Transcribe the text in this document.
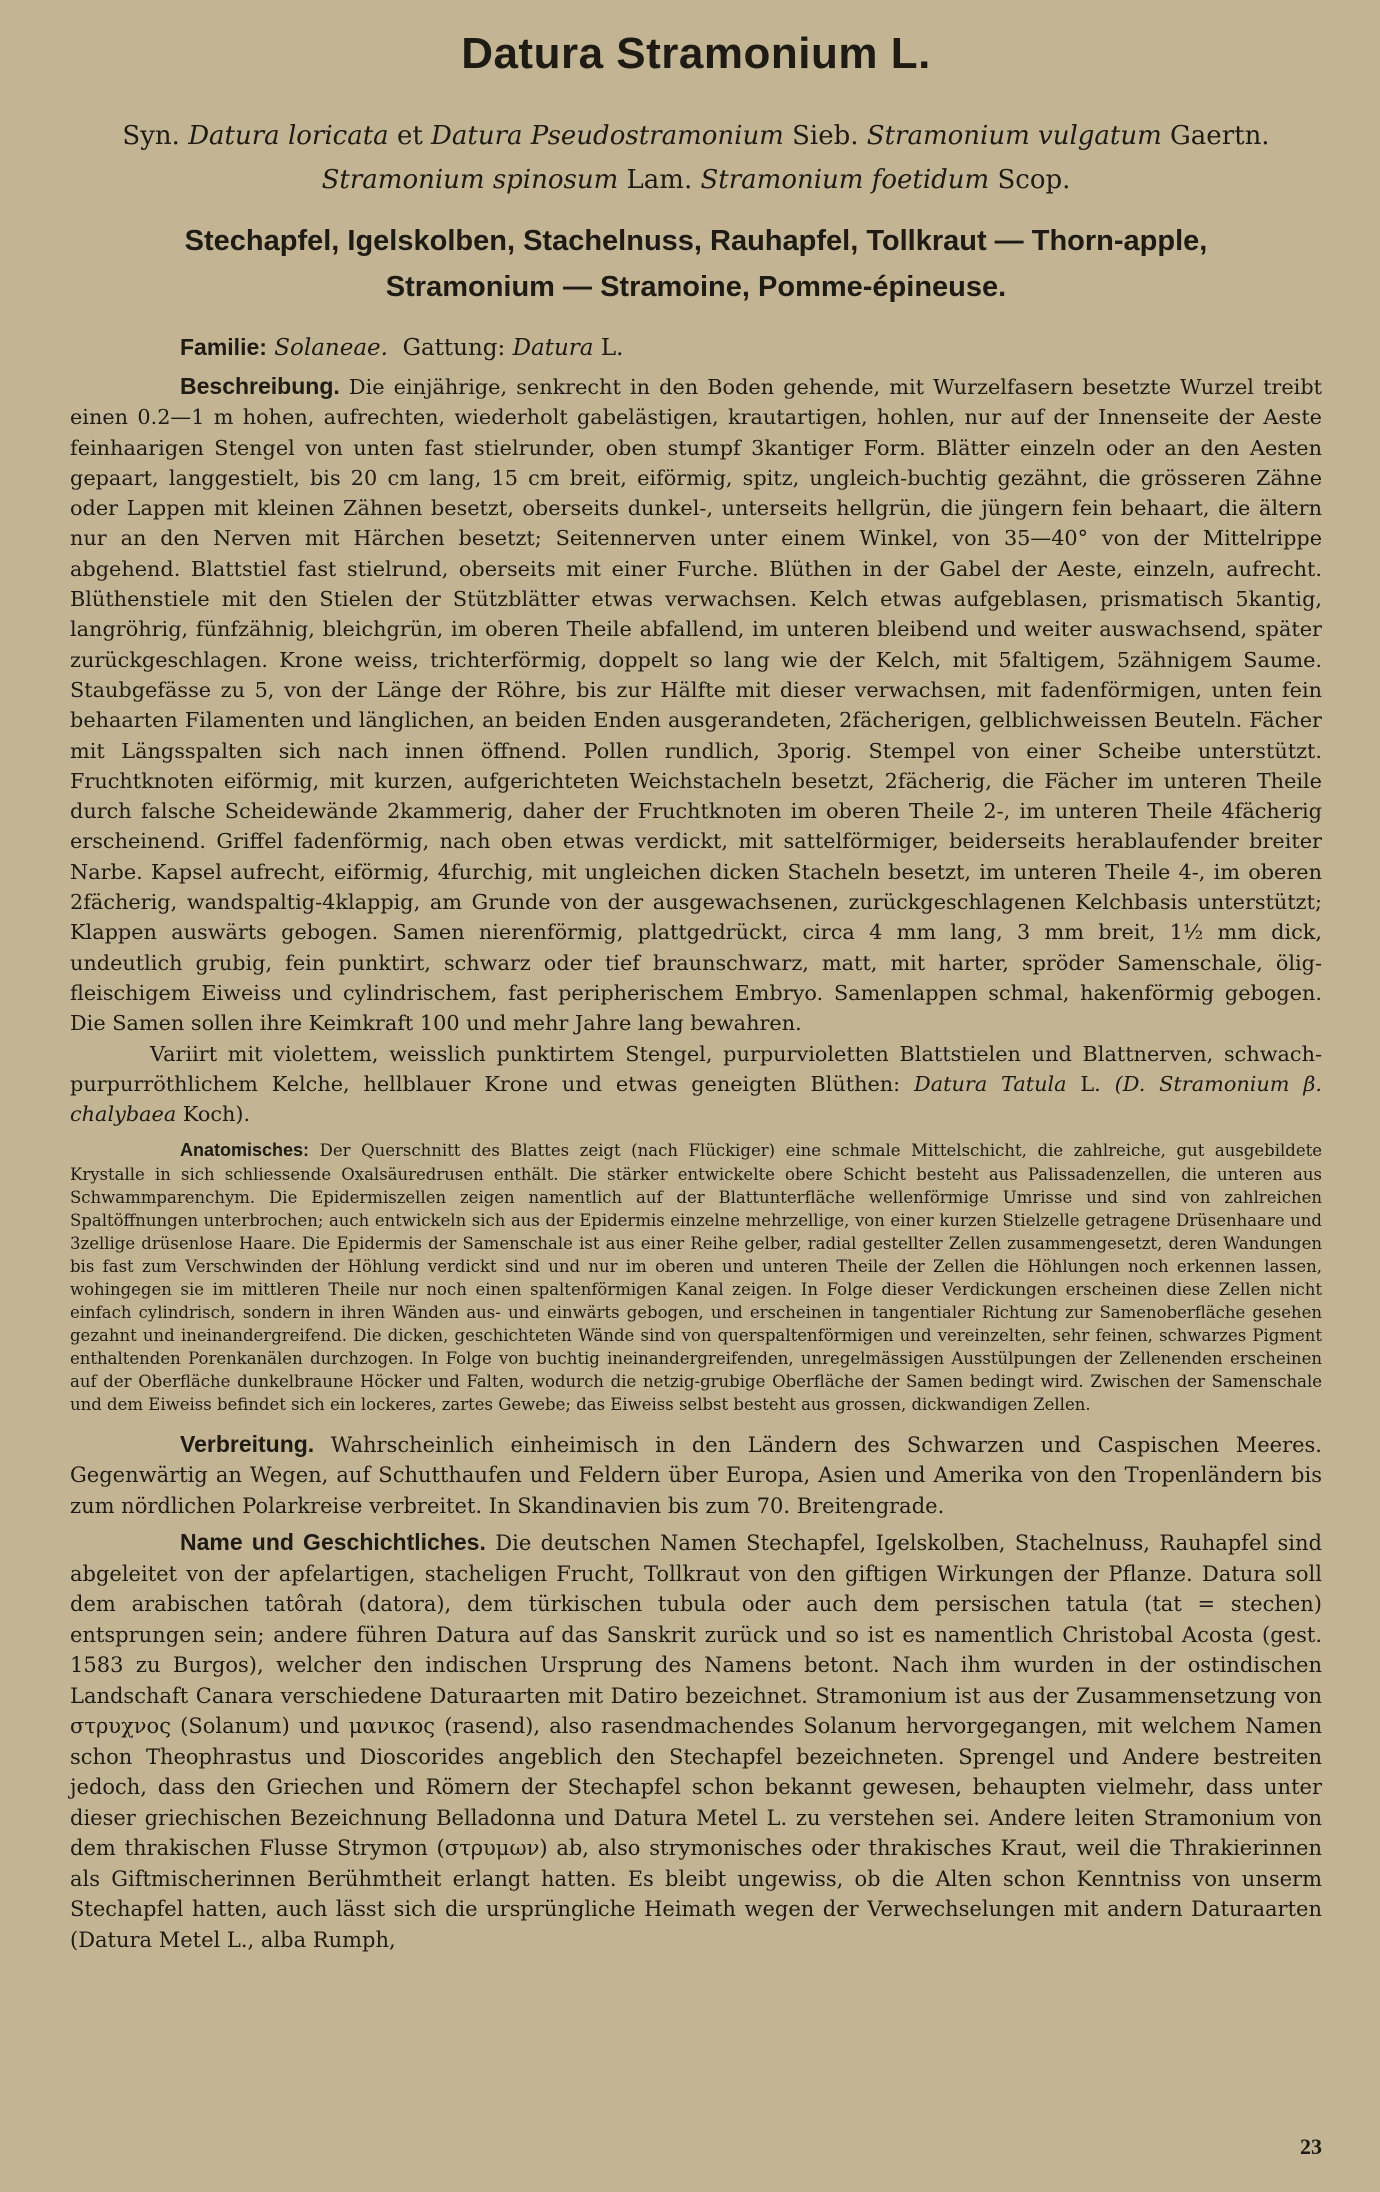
Datura Stramonium L.
Syn. Datura loricata et Datura Pseudostramonium Sieb. Stramonium vulgatum Gaertn.
Stramonium spinosum Lam. Stramonium foetidum Scop.
Stechapfel, Igelskolben, Stachelnuss, Rauhapfel, Tollkraut — Thorn-apple,
Stramonium — Stramoine, Pomme-épineuse.
Familie: Solaneae. Gattung: Datura L.

Beschreibung. Die einjährige, senkrecht in den Boden gehende, mit Wurzelfasern besetzte Wurzel treibt einen 0.2—1 m hohen, aufrechten, wiederholt gabelästigen, krautartigen, hohlen, nur auf der Innenseite der Aeste feinhaarigen Stengel von unten fast stielrunder, oben stumpf 3kantiger Form. Blätter einzeln oder an den Aesten gepaart, langgestielt, bis 20 cm lang, 15 cm breit, eiförmig, spitz, ungleich-buchtig gezähnt, die grösseren Zähne oder Lappen mit kleinen Zähnen besetzt, oberseits dunkel-, unterseits hellgrün, die jüngern fein behaart, die ältern nur an den Nerven mit Härchen besetzt; Seitennerven unter einem Winkel, von 35—40° von der Mittelrippe abgehend. Blattstiel fast stielrund, oberseits mit einer Furche. Blüthen in der Gabel der Aeste, einzeln, aufrecht. Blüthenstiele mit den Stielen der Stützblätter etwas verwachsen. Kelch etwas aufgeblasen, prismatisch 5kantig, langröhrig, fünfzähnig, bleichgrün, im oberen Theile abfallend, im unteren bleibend und weiter auswachsend, später zurückgeschlagen. Krone weiss, trichterförmig, doppelt so lang wie der Kelch, mit 5faltigem, 5zähnigem Saume. Staubgefässe zu 5, von der Länge der Röhre, bis zur Hälfte mit dieser verwachsen, mit fadenförmigen, unten fein behaarten Filamenten und länglichen, an beiden Enden ausgerandeten, 2fächerigen, gelblichweissen Beuteln. Fächer mit Längsspalten sich nach innen öffnend. Pollen rundlich, 3porig. Stempel von einer Scheibe unterstützt. Fruchtknoten eiförmig, mit kurzen, aufgerichteten Weichstacheln besetzt, 2fächerig, die Fächer im unteren Theile durch falsche Scheidewände 2kammerig, daher der Fruchtknoten im oberen Theile 2-, im unteren Theile 4fächerig erscheinend. Griffel fadenförmig, nach oben etwas verdickt, mit sattelförmiger, beiderseits herablaufender breiter Narbe. Kapsel aufrecht, eiförmig, 4furchig, mit ungleichen dicken Stacheln besetzt, im unteren Theile 4-, im oberen 2fächerig, wandspaltig-4klappig, am Grunde von der ausgewachsenen, zurückgeschlagenen Kelchbasis unterstützt; Klappen auswärts gebogen. Samen nierenförmig, plattgedrückt, circa 4 mm lang, 3 mm breit, 1½ mm dick, undeutlich grubig, fein punktirt, schwarz oder tief braunschwarz, matt, mit harter, spröder Samenschale, ölig-fleischigem Eiweiss und cylindrischem, fast peripherischem Embryo. Samenlappen schmal, hakenförmig gebogen. Die Samen sollen ihre Keimkraft 100 und mehr Jahre lang bewahren.

Variirt mit violettem, weisslich punktirtem Stengel, purpurvioletten Blattstielen und Blattnerven, schwach-purpurröthlichem Kelche, hellblauer Krone und etwas geneigten Blüthen: Datura Tatula L. (D. Stramonium β. chalybaea Koch).

Anatomisches: Der Querschnitt des Blattes zeigt (nach Flückiger) eine schmale Mittelschicht, die zahlreiche, gut ausgebildete Krystalle in sich schliessende Oxalsäuredrusen enthält. Die stärker entwickelte obere Schicht besteht aus Palissadenzellen, die unteren aus Schwammparenchym. Die Epidermiszellen zeigen namentlich auf der Blattunterfläche wellenförmige Umrisse und sind von zahlreichen Spaltöffnungen unterbrochen; auch entwickeln sich aus der Epidermis einzelne mehrzellige, von einer kurzen Stielzelle getragene Drüsenhaare und 3zellige drüsenlose Haare. Die Epidermis der Samenschale ist aus einer Reihe gelber, radial gestellter Zellen zusammengesetzt, deren Wandungen bis fast zum Verschwinden der Höhlung verdickt sind und nur im oberen und unteren Theile der Zellen die Höhlungen noch erkennen lassen, wohingegen sie im mittleren Theile nur noch einen spaltenförmigen Kanal zeigen. In Folge dieser Verdickungen erscheinen diese Zellen nicht einfach cylindrisch, sondern in ihren Wänden aus- und einwärts gebogen, und erscheinen in tangentialer Richtung zur Samenoberfläche gesehen gezahnt und ineinandergreifend. Die dicken, geschichteten Wände sind von querspaltenförmigen und vereinzelten, sehr feinen, schwarzes Pigment enthaltenden Porenkanälen durchzogen. In Folge von buchtig ineinandergreifenden, unregelmässigen Ausstülpungen der Zellenenden erscheinen auf der Oberfläche dunkelbraune Höcker und Falten, wodurch die netzig-grubige Oberfläche der Samen bedingt wird. Zwischen der Samenschale und dem Eiweiss befindet sich ein lockeres, zartes Gewebe; das Eiweiss selbst besteht aus grossen, dickwandigen Zellen.

Verbreitung. Wahrscheinlich einheimisch in den Ländern des Schwarzen und Caspischen Meeres. Gegenwärtig an Wegen, auf Schutthaufen und Feldern über Europa, Asien und Amerika von den Tropenländern bis zum nördlichen Polarkreise verbreitet. In Skandinavien bis zum 70. Breitengrade.

Name und Geschichtliches. Die deutschen Namen Stechapfel, Igelskolben, Stachelnuss, Rauhapfel sind abgeleitet von der apfelartigen, stacheligen Frucht, Tollkraut von den giftigen Wirkungen der Pflanze. Datura soll dem arabischen tatôrah (datora), dem türkischen tubula oder auch dem persischen tatula (tat = stechen) entsprungen sein; andere führen Datura auf das Sanskrit zurück und so ist es namentlich Christobal Acosta (gest. 1583 zu Burgos), welcher den indischen Ursprung des Namens betont. Nach ihm wurden in der ostindischen Landschaft Canara verschiedene Daturaarten mit Datiro bezeichnet. Stramonium ist aus der Zusammensetzung von στρυχνος (Solanum) und μανικος (rasend), also rasendmachendes Solanum hervorgegangen, mit welchem Namen schon Theophrastus und Dioscorides angeblich den Stechapfel bezeichneten. Sprengel und Andere bestreiten jedoch, dass den Griechen und Römern der Stechapfel schon bekannt gewesen, behaupten vielmehr, dass unter dieser griechischen Bezeichnung Belladonna und Datura Metel L. zu verstehen sei. Andere leiten Stramonium von dem thrakischen Flusse Strymon (στρυμων) ab, also strymonisches oder thrakisches Kraut, weil die Thrakierinnen als Giftmischerinnen Berühmtheit erlangt hatten. Es bleibt ungewiss, ob die Alten schon Kenntniss von unserm Stechapfel hatten, auch lässt sich die ursprüngliche Heimath wegen der Verwechselungen mit andern Daturaarten (Datura Metel L., alba Rumph,

23
